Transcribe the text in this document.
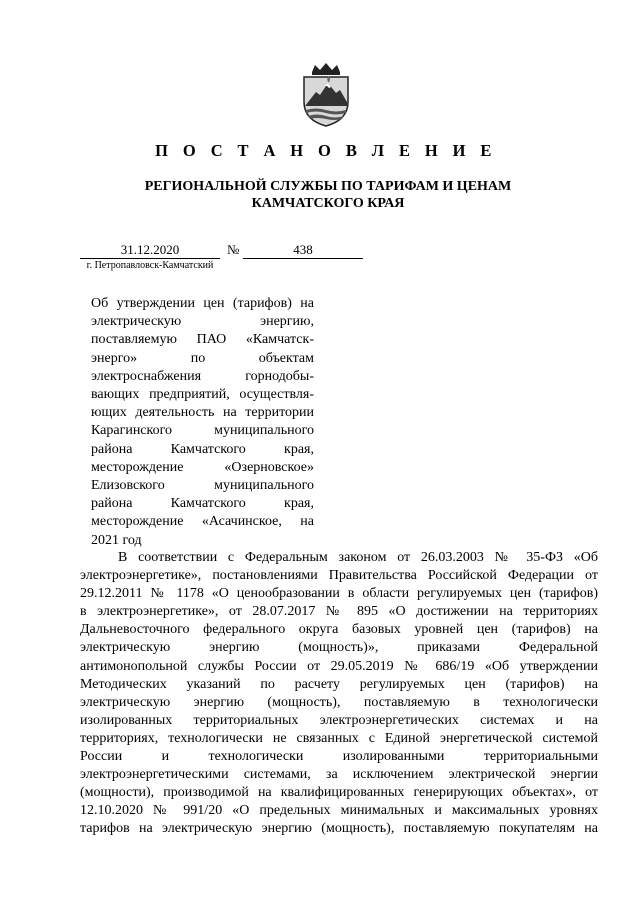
П О С Т А Н О В Л Е Н И Е
РЕГИОНАЛЬНОЙ СЛУЖБЫ ПО ТАРИФАМ И ЦЕНАМ
КАМЧАТСКОГО КРАЯ
31.12.2020	№	438
г. Петропавловск-Камчатский
Об утверждении цен (тарифов) на
электрическую энергию,
поставляемую ПАО «Камчатск-
энерго» по объектам
электроснабжения горнодобы-
вающих предприятий, осуществля-
ющих деятельность на территории
Карагинского муниципального
района Камчатского края,
месторождение «Озерновское»
Елизовского муниципального
района Камчатского края,
месторождение «Асачинское, на
2021 год
В соответствии с Федеральным законом от 26.03.2003 № 35-ФЗ «Об
электроэнергетике», постановлениями Правительства Российской Федерации от
29.12.2011 № 1178 «О ценообразовании в области регулируемых цен (тарифов)
в электроэнергетике», от 28.07.2017 № 895 «О достижении на территориях
Дальневосточного федерального округа базовых уровней цен (тарифов) на
электрическую энергию (мощность)», приказами Федеральной
антимонопольной службы России от 29.05.2019 № 686/19 «Об утверждении
Методических указаний по расчету регулируемых цен (тарифов) на
электрическую энергию (мощность), поставляемую в технологически
изолированных территориальных электроэнергетических системах и на
территориях, технологически не связанных с Единой энергетической системой
России и технологически изолированными территориальными
электроэнергетическими системами, за исключением электрической энергии
(мощности), производимой на квалифицированных генерирующих объектах», от
12.10.2020 № 991/20 «О предельных минимальных и максимальных уровнях
тарифов на электрическую энергию (мощность), поставляемую покупателям на
